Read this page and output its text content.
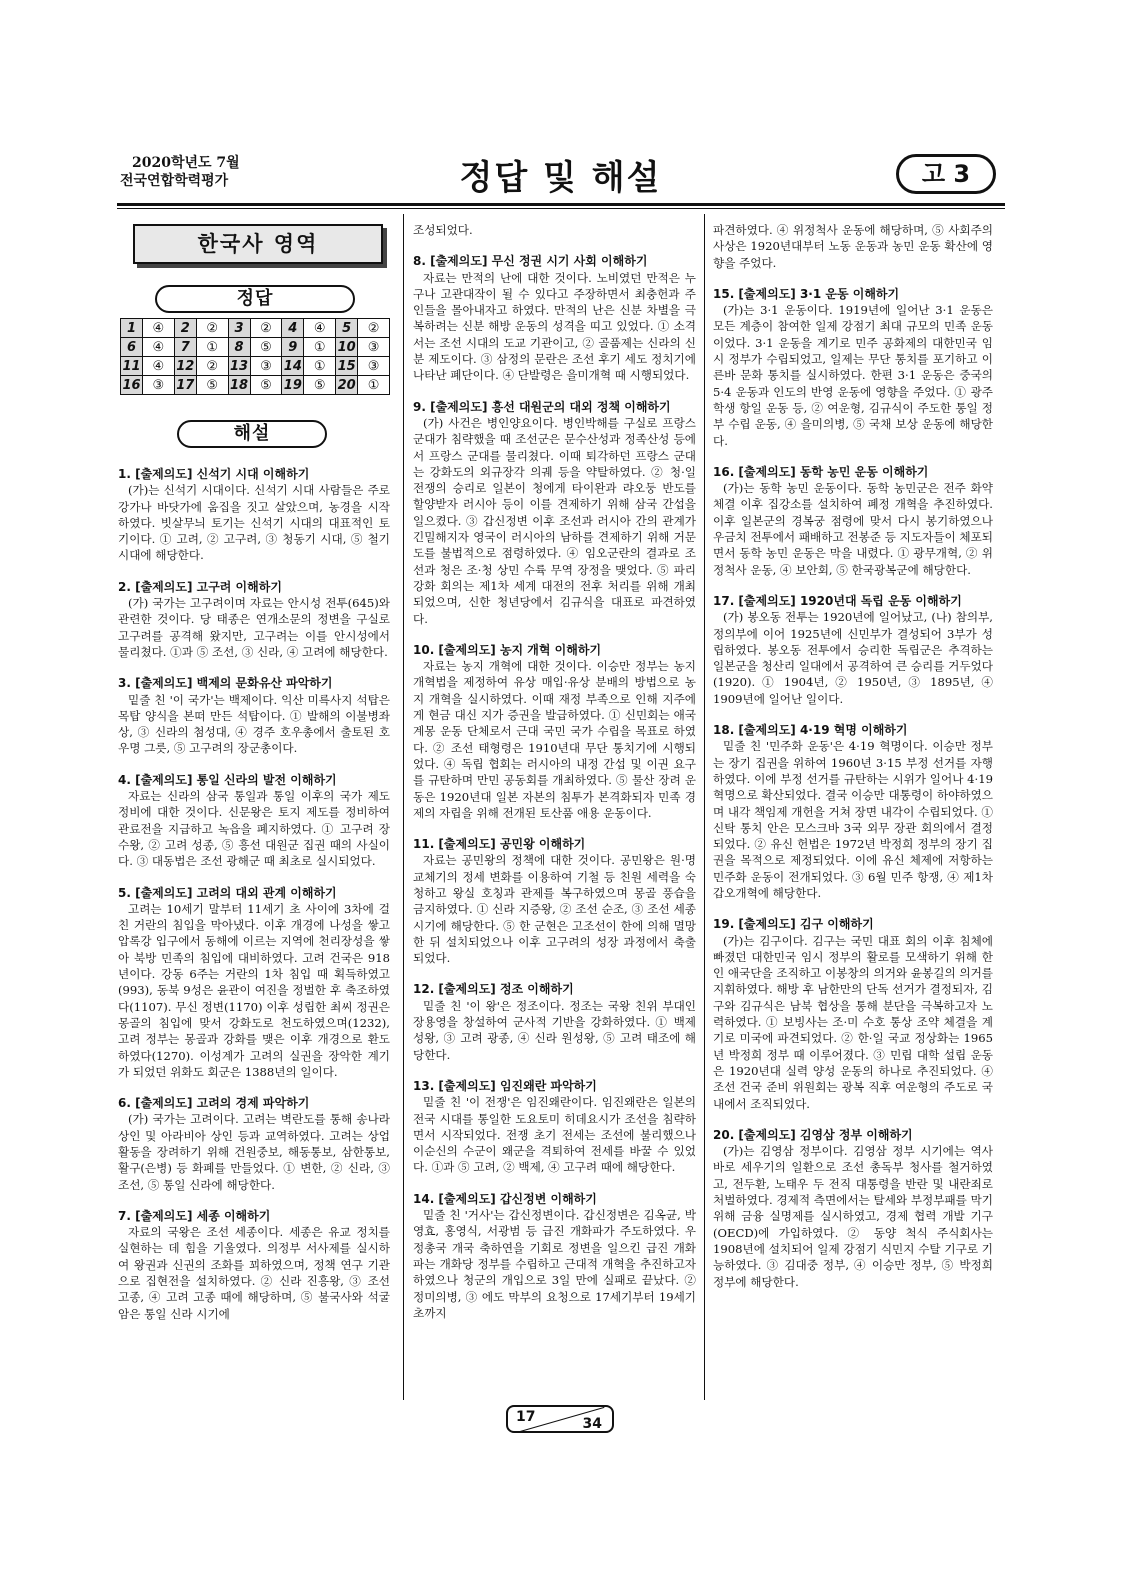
2020학년도 7월
전국연합학력평가	정답 및 해설	고 3
한국사 영역
정답
1	④	2	②	3	②	4	④	5	②
6	④	7	①	8	⑤	9	①	10	③
11	④	12	②	13	③	14	①	15	③
16	③	17	⑤	18	⑤	19	⑤	20	①
해설
1. [출제의도] 신석기 시대 이해하기

(가)는 신석기 시대이다. 신석기 시대 사람들은 주로 강가나 바닷가에 움집을 짓고 살았으며, 농경을 시작하였다. 빗살무늬 토기는 신석기 시대의 대표적인 토기이다. ① 고려, ② 고구려, ③ 청동기 시대, ⑤ 철기 시대에 해당한다.

2. [출제의도] 고구려 이해하기

(가) 국가는 고구려이며 자료는 안시성 전투(645)와 관련한 것이다. 당 태종은 연개소문의 정변을 구실로 고구려를 공격해 왔지만, 고구려는 이를 안시성에서 물리쳤다. ①과 ⑤ 조선, ③ 신라, ④ 고려에 해당한다.

3. [출제의도] 백제의 문화유산 파악하기

밑줄 친 '이 국가'는 백제이다. 익산 미륵사지 석탑은 목탑 양식을 본떠 만든 석탑이다. ① 발해의 이불병좌상, ③ 신라의 첨성대, ④ 경주 호우총에서 출토된 호우명 그릇, ⑤ 고구려의 장군총이다.

4. [출제의도] 통일 신라의 발전 이해하기

자료는 신라의 삼국 통일과 통일 이후의 국가 제도 정비에 대한 것이다. 신문왕은 토지 제도를 정비하여 관료전을 지급하고 녹읍을 폐지하였다. ① 고구려 장수왕, ② 고려 성종, ⑤ 흥선 대원군 집권 때의 사실이다. ③ 대동법은 조선 광해군 때 최초로 실시되었다.

5. [출제의도] 고려의 대외 관계 이해하기

고려는 10세기 말부터 11세기 초 사이에 3차에 걸친 거란의 침입을 막아냈다. 이후 개경에 나성을 쌓고 압록강 입구에서 동해에 이르는 지역에 천리장성을 쌓아 북방 민족의 침입에 대비하였다. 고려 건국은 918년이다. 강동 6주는 거란의 1차 침입 때 획득하였고(993), 동북 9성은 윤관이 여진을 정벌한 후 축조하였다(1107). 무신 정변(1170) 이후 성립한 최씨 정권은 몽골의 침입에 맞서 강화도로 천도하였으며(1232), 고려 정부는 몽골과 강화를 맺은 이후 개경으로 환도하였다(1270). 이성계가 고려의 실권을 장악한 계기가 되었던 위화도 회군은 1388년의 일이다.

6. [출제의도] 고려의 경제 파악하기

(가) 국가는 고려이다. 고려는 벽란도를 통해 송나라 상인 및 아라비아 상인 등과 교역하였다. 고려는 상업 활동을 장려하기 위해 건원중보, 해동통보, 삼한통보, 활구(은병) 등 화폐를 만들었다. ① 변한, ② 신라, ③ 조선, ⑤ 통일 신라에 해당한다.

7. [출제의도] 세종 이해하기

자료의 국왕은 조선 세종이다. 세종은 유교 정치를 실현하는 데 힘을 기울였다. 의정부 서사제를 실시하여 왕권과 신권의 조화를 꾀하였으며, 정책 연구 기관으로 집현전을 설치하였다. ② 신라 진흥왕, ③ 조선 고종, ④ 고려 고종 때에 해당하며, ⑤ 불국사와 석굴암은 통일 신라 시기에

조성되었다.

8. [출제의도] 무신 정권 시기 사회 이해하기

자료는 만적의 난에 대한 것이다. 노비였던 만적은 누구나 고관대작이 될 수 있다고 주장하면서 최충헌과 주인들을 몰아내자고 하였다. 만적의 난은 신분 차별을 극복하려는 신분 해방 운동의 성격을 띠고 있었다. ① 소격서는 조선 시대의 도교 기관이고, ② 골품제는 신라의 신분 제도이다. ③ 삼정의 문란은 조선 후기 세도 정치기에 나타난 폐단이다. ④ 단발령은 을미개혁 때 시행되었다.

9. [출제의도] 흥선 대원군의 대외 정책 이해하기

(가) 사건은 병인양요이다. 병인박해를 구실로 프랑스 군대가 침략했을 때 조선군은 문수산성과 정족산성 등에서 프랑스 군대를 물리쳤다. 이때 퇴각하던 프랑스 군대는 강화도의 외규장각 의궤 등을 약탈하였다. ② 청·일 전쟁의 승리로 일본이 청에게 타이완과 랴오둥 반도를 할양받자 러시아 등이 이를 견제하기 위해 삼국 간섭을 일으켰다. ③ 갑신정변 이후 조선과 러시아 간의 관계가 긴밀해지자 영국이 러시아의 남하를 견제하기 위해 거문도를 불법적으로 점령하였다. ④ 임오군란의 결과로 조선과 청은 조·청 상민 수륙 무역 장정을 맺었다. ⑤ 파리 강화 회의는 제1차 세계 대전의 전후 처리를 위해 개최되었으며, 신한 청년당에서 김규식을 대표로 파견하였다.

10. [출제의도] 농지 개혁 이해하기

자료는 농지 개혁에 대한 것이다. 이승만 정부는 농지 개혁법을 제정하여 유상 매입·유상 분배의 방법으로 농지 개혁을 실시하였다. 이때 재정 부족으로 인해 지주에게 현금 대신 지가 증권을 발급하였다. ① 신민회는 애국 계몽 운동 단체로서 근대 국민 국가 수립을 목표로 하였다. ② 조선 태형령은 1910년대 무단 통치기에 시행되었다. ④ 독립 협회는 러시아의 내정 간섭 및 이권 요구를 규탄하며 만민 공동회를 개최하였다. ⑤ 물산 장려 운동은 1920년대 일본 자본의 침투가 본격화되자 민족 경제의 자립을 위해 전개된 토산품 애용 운동이다.

11. [출제의도] 공민왕 이해하기

자료는 공민왕의 정책에 대한 것이다. 공민왕은 원·명 교체기의 정세 변화를 이용하여 기철 등 친원 세력을 숙청하고 왕실 호칭과 관제를 복구하였으며 몽골 풍습을 금지하였다. ① 신라 지증왕, ② 조선 순조, ③ 조선 세종 시기에 해당한다. ⑤ 한 군현은 고조선이 한에 의해 멸망한 뒤 설치되었으나 이후 고구려의 성장 과정에서 축출되었다.

12. [출제의도] 정조 이해하기

밑줄 친 '이 왕'은 정조이다. 정조는 국왕 친위 부대인 장용영을 창설하여 군사적 기반을 강화하였다. ① 백제 성왕, ③ 고려 광종, ④ 신라 원성왕, ⑤ 고려 태조에 해당한다.

13. [출제의도] 임진왜란 파악하기

밑줄 친 '이 전쟁'은 임진왜란이다. 임진왜란은 일본의 전국 시대를 통일한 도요토미 히데요시가 조선을 침략하면서 시작되었다. 전쟁 초기 전세는 조선에 불리했으나 이순신의 수군이 왜군을 격퇴하여 전세를 바꿀 수 있었다. ①과 ⑤ 고려, ② 백제, ④ 고구려 때에 해당한다.

14. [출제의도] 갑신정변 이해하기

밑줄 친 '거사'는 갑신정변이다. 갑신정변은 김옥균, 박영효, 홍영식, 서광범 등 급진 개화파가 주도하였다. 우정총국 개국 축하연을 기회로 정변을 일으킨 급진 개화파는 개화당 정부를 수립하고 근대적 개혁을 추진하고자 하였으나 청군의 개입으로 3일 만에 실패로 끝났다. ② 정미의병, ③ 에도 막부의 요청으로 17세기부터 19세기 초까지

파견하였다. ④ 위정척사 운동에 해당하며, ⑤ 사회주의 사상은 1920년대부터 노동 운동과 농민 운동 확산에 영향을 주었다.

15. [출제의도] 3·1 운동 이해하기

(가)는 3·1 운동이다. 1919년에 일어난 3·1 운동은 모든 계층이 참여한 일제 강점기 최대 규모의 민족 운동이었다. 3·1 운동을 계기로 민주 공화제의 대한민국 임시 정부가 수립되었고, 일제는 무단 통치를 포기하고 이른바 문화 통치를 실시하였다. 한편 3·1 운동은 중국의 5·4 운동과 인도의 반영 운동에 영향을 주었다. ① 광주 학생 항일 운동 등, ② 여운형, 김규식이 주도한 통일 정부 수립 운동, ④ 을미의병, ⑤ 국채 보상 운동에 해당한다.

16. [출제의도] 동학 농민 운동 이해하기

(가)는 동학 농민 운동이다. 동학 농민군은 전주 화약 체결 이후 집강소를 설치하여 폐정 개혁을 추진하였다. 이후 일본군의 경복궁 점령에 맞서 다시 봉기하였으나 우금치 전투에서 패배하고 전봉준 등 지도자들이 체포되면서 동학 농민 운동은 막을 내렸다. ① 광무개혁, ② 위정척사 운동, ④ 보안회, ⑤ 한국광복군에 해당한다.

17. [출제의도] 1920년대 독립 운동 이해하기

(가) 봉오동 전투는 1920년에 일어났고, (나) 참의부, 정의부에 이어 1925년에 신민부가 결성되어 3부가 성립하였다. 봉오동 전투에서 승리한 독립군은 추격하는 일본군을 청산리 일대에서 공격하여 큰 승리를 거두었다(1920). ① 1904년, ② 1950년, ③ 1895년, ④ 1909년에 일어난 일이다.

18. [출제의도] 4·19 혁명 이해하기

밑줄 친 '민주화 운동'은 4·19 혁명이다. 이승만 정부는 장기 집권을 위하여 1960년 3·15 부정 선거를 자행하였다. 이에 부정 선거를 규탄하는 시위가 일어나 4·19 혁명으로 확산되었다. 결국 이승만 대통령이 하야하였으며 내각 책임제 개헌을 거쳐 장면 내각이 수립되었다. ① 신탁 통치 안은 모스크바 3국 외무 장관 회의에서 결정되었다. ② 유신 헌법은 1972년 박정희 정부의 장기 집권을 목적으로 제정되었다. 이에 유신 체제에 저항하는 민주화 운동이 전개되었다. ③ 6월 민주 항쟁, ④ 제1차 갑오개혁에 해당한다.

19. [출제의도] 김구 이해하기

(가)는 김구이다. 김구는 국민 대표 회의 이후 침체에 빠졌던 대한민국 임시 정부의 활로를 모색하기 위해 한인 애국단을 조직하고 이봉창의 의거와 윤봉길의 의거를 지휘하였다. 해방 후 남한만의 단독 선거가 결정되자, 김구와 김규식은 남북 협상을 통해 분단을 극복하고자 노력하였다. ① 보빙사는 조·미 수호 통상 조약 체결을 계기로 미국에 파견되었다. ② 한·일 국교 정상화는 1965년 박정희 정부 때 이루어졌다. ③ 민립 대학 설립 운동은 1920년대 실력 양성 운동의 하나로 추진되었다. ④ 조선 건국 준비 위원회는 광복 직후 여운형의 주도로 국내에서 조직되었다.

20. [출제의도] 김영삼 정부 이해하기

(가)는 김영삼 정부이다. 김영삼 정부 시기에는 역사 바로 세우기의 일환으로 조선 총독부 청사를 철거하였고, 전두환, 노태우 두 전직 대통령을 반란 및 내란죄로 처벌하였다. 경제적 측면에서는 탈세와 부정부패를 막기 위해 금융 실명제를 실시하였고, 경제 협력 개발 기구(OECD)에 가입하였다. ② 동양 척식 주식회사는 1908년에 설치되어 일제 강점기 식민지 수탈 기구로 기능하였다. ③ 김대중 정부, ④ 이승만 정부, ⑤ 박정희 정부에 해당한다.

17	34
